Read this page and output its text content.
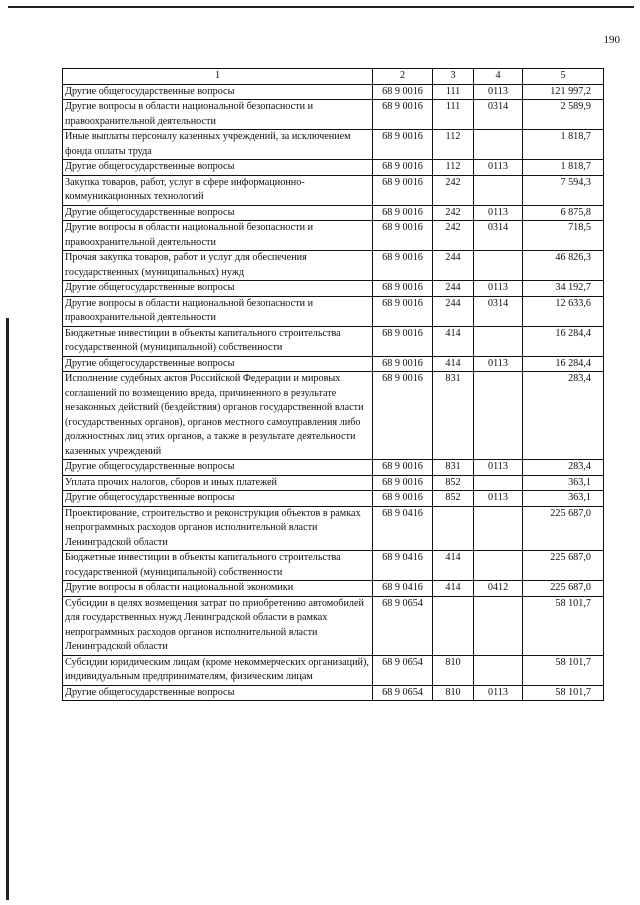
190
1	2	3	4	5
Другие общегосударственные вопросы	68 9 0016	111	0113	121 997,2
Другие вопросы в области национальной безопасности и правоохранительной деятельности	68 9 0016	111	0314	2 589,9
Иные выплаты персоналу казенных учреждений, за исключением фонда оплаты труда	68 9 0016	112		1 818,7
Другие общегосударственные вопросы	68 9 0016	112	0113	1 818,7
Закупка товаров, работ, услуг в сфере информационно-коммуникационных технологий	68 9 0016	242		7 594,3
Другие общегосударственные вопросы	68 9 0016	242	0113	6 875,8
Другие вопросы в области национальной безопасности и правоохранительной деятельности	68 9 0016	242	0314	718,5
Прочая закупка товаров, работ и услуг для обеспечения государственных (муниципальных) нужд	68 9 0016	244		46 826,3
Другие общегосударственные вопросы	68 9 0016	244	0113	34 192,7
Другие вопросы в области национальной безопасности и правоохранительной деятельности	68 9 0016	244	0314	12 633,6
Бюджетные инвестиции в объекты капитального строительства государственной (муниципальной) собственности	68 9 0016	414		16 284,4
Другие общегосударственные вопросы	68 9 0016	414	0113	16 284,4
Исполнение судебных актов Российской Федерации и мировых соглашений по возмещению вреда, причиненного в результате незаконных действий (бездействия) органов государственной власти (государственных органов), органов местного самоуправления либо должностных лиц этих органов, а также в результате деятельности казенных учреждений	68 9 0016	831		283,4
Другие общегосударственные вопросы	68 9 0016	831	0113	283,4
Уплата прочих налогов, сборов и иных платежей	68 9 0016	852		363,1
Другие общегосударственные вопросы	68 9 0016	852	0113	363,1
Проектирование, строительство и реконструкция объектов в рамках непрограммных расходов органов исполнительной власти Ленинградской области	68 9 0416			225 687,0
Бюджетные инвестиции в объекты капитального строительства государственной (муниципальной) собственности	68 9 0416	414		225 687,0
Другие вопросы в области национальной экономики	68 9 0416	414	0412	225 687,0
Субсидии в целях возмещения затрат по приобретению автомобилей для государственных нужд Ленинградской области в рамках непрограммных расходов органов исполнительной власти Ленинградской области	68 9 0654			58 101,7
Субсидии юридическим лицам (кроме некоммерческих организаций), индивидуальным предпринимателям, физическим лицам	68 9 0654	810		58 101,7
Другие общегосударственные вопросы	68 9 0654	810	0113	58 101,7
